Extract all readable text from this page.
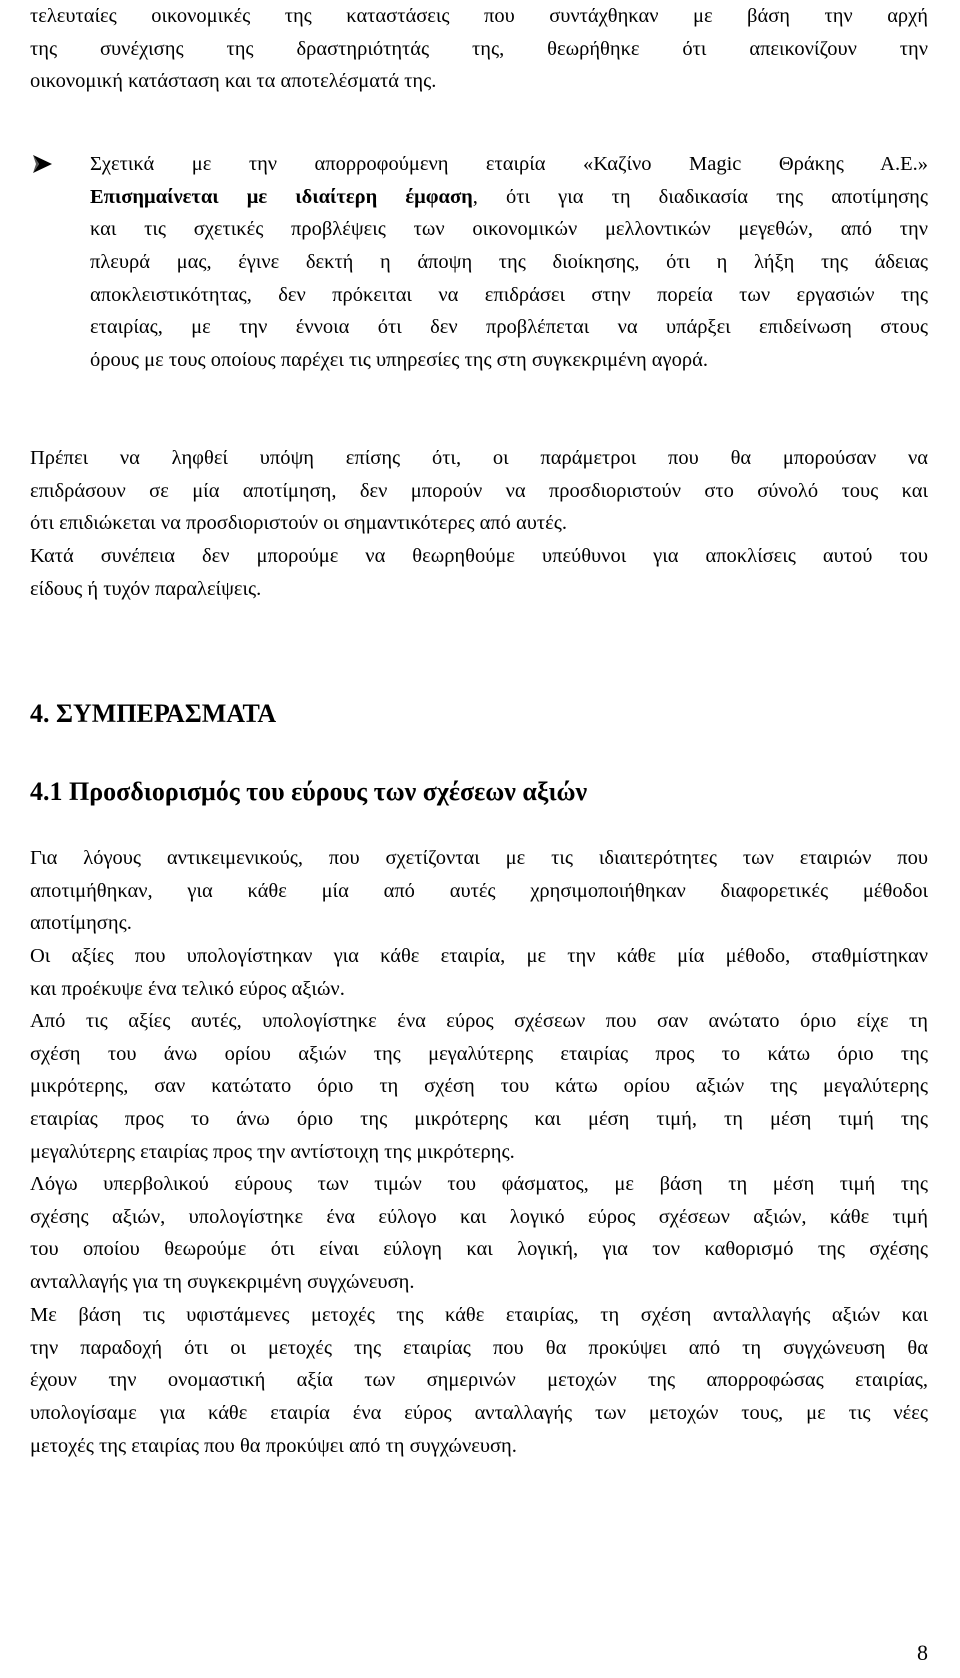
τελευταίες οικονομικές της καταστάσεις που συντάχθηκαν με βάση την αρχή
της συνέχισης της δραστηριότητάς της, θεωρήθηκε ότι απεικονίζουν την
οικονομική κατάσταση και τα αποτελέσματά της.
Σχετικά με την απορροφούμενη εταιρία «Καζίνο Magic Θράκης Α.Ε.»
Επισημαίνεται με ιδιαίτερη έμφαση, ότι για τη διαδικασία της αποτίμησης
και τις σχετικές προβλέψεις των οικονομικών μελλοντικών μεγεθών, από την
πλευρά μας, έγινε δεκτή η άποψη της διοίκησης, ότι η λήξη της άδειας
αποκλειστικότητας, δεν πρόκειται να επιδράσει στην πορεία των εργασιών της
εταιρίας, με την έννοια ότι δεν προβλέπεται να υπάρξει επιδείνωση στους
όρους με τους οποίους παρέχει τις υπηρεσίες της στη συγκεκριμένη αγορά.
Πρέπει να ληφθεί υπόψη επίσης ότι, οι παράμετροι που θα μπορούσαν να
επιδράσουν σε μία αποτίμηση, δεν μπορούν να προσδιοριστούν στο σύνολό τους και
ότι επιδιώκεται να προσδιοριστούν οι σημαντικότερες από αυτές.
Κατά συνέπεια δεν μπορούμε να θεωρηθούμε υπεύθυνοι για αποκλίσεις αυτού του
είδους ή τυχόν παραλείψεις.
4. ΣΥΜΠΕΡΑΣΜΑΤΑ
4.1 Προσδιορισμός του εύρους των σχέσεων αξιών
Για λόγους αντικειμενικούς, που σχετίζονται με τις ιδιαιτερότητες των εταιριών που
αποτιμήθηκαν, για κάθε μία από αυτές χρησιμοποιήθηκαν διαφορετικές μέθοδοι
αποτίμησης.
Οι αξίες που υπολογίστηκαν για κάθε εταιρία, με την κάθε μία μέθοδο, σταθμίστηκαν
και προέκυψε ένα τελικό εύρος αξιών.
Από τις αξίες αυτές, υπολογίστηκε ένα εύρος σχέσεων που σαν ανώτατο όριο είχε τη
σχέση του άνω ορίου αξιών της μεγαλύτερης εταιρίας προς το κάτω όριο της
μικρότερης, σαν κατώτατο όριο τη σχέση του κάτω ορίου αξιών της μεγαλύτερης
εταιρίας προς το άνω όριο της μικρότερης και μέση τιμή, τη μέση τιμή της
μεγαλύτερης εταιρίας προς την αντίστοιχη της μικρότερης.
Λόγω υπερβολικού εύρους των τιμών του φάσματος, με βάση τη μέση τιμή της
σχέσης αξιών, υπολογίστηκε ένα εύλογο και λογικό εύρος σχέσεων αξιών, κάθε τιμή
του οποίου θεωρούμε ότι είναι εύλογη και λογική, για τον καθορισμό της σχέσης
ανταλλαγής για τη συγκεκριμένη συγχώνευση.
Με βάση τις υφιστάμενες μετοχές της κάθε εταιρίας, τη σχέση ανταλλαγής αξιών και
την παραδοχή ότι οι μετοχές της εταιρίας που θα προκύψει από τη συγχώνευση θα
έχουν την ονομαστική αξία των σημερινών μετοχών της απορροφώσας εταιρίας,
υπολογίσαμε για κάθε εταιρία ένα εύρος ανταλλαγής των μετοχών τους, με τις νέες
μετοχές της εταιρίας που θα προκύψει από τη συγχώνευση.
8
